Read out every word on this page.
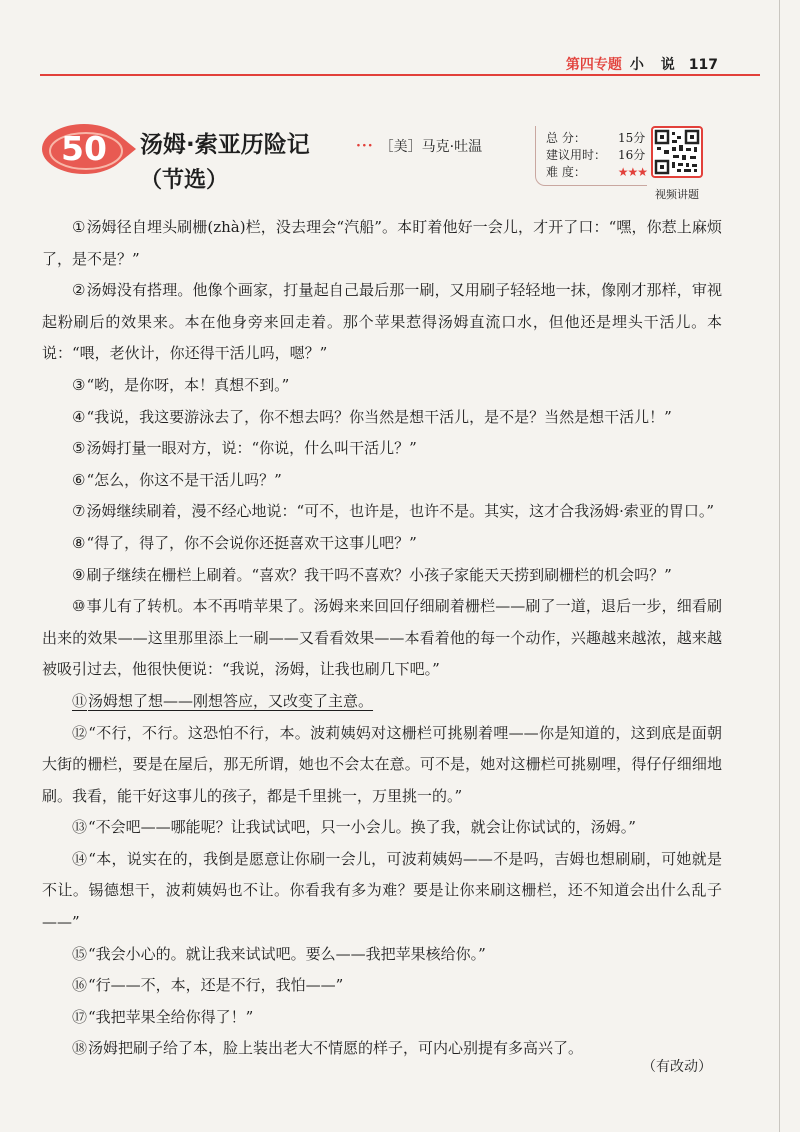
第四专题 小 说 117
50	汤姆·索亚历险记
（节选）
··· ［美］马克·吐温
总 分：	15分
建议用时： 16分
难 度：	★★★
视频讲题

①汤姆径自埋头刷栅(zhà)栏，没去理会“汽船”。本盯着他好一会儿，才开了口：“嘿，你惹上麻烦了，是不是？”

②汤姆没有搭理。他像个画家，打量起自己最后那一刷，又用刷子轻轻地一抹，像刚才那样，审视起粉刷后的效果来。本在他身旁来回走着。那个苹果惹得汤姆直流口水，但他还是埋头干活儿。本说：“喂，老伙计，你还得干活儿吗，嗯？”

③“哟，是你呀，本！真想不到。”

④“我说，我这要游泳去了，你不想去吗？你当然是想干活儿，是不是？当然是想干活儿！”

⑤汤姆打量一眼对方，说：“你说，什么叫干活儿？”

⑥“怎么，你这不是干活儿吗？”

⑦汤姆继续刷着，漫不经心地说：“可不，也许是，也许不是。其实，这才合我汤姆·索亚的胃口。”

⑧“得了，得了，你不会说你还挺喜欢干这事儿吧？”

⑨刷子继续在栅栏上刷着。“喜欢？我干吗不喜欢？小孩子家能天天捞到刷栅栏的机会吗？”

⑩事儿有了转机。本不再啃苹果了。汤姆来来回回仔细刷着栅栏——刷了一道，退后一步，细看刷出来的效果——这里那里添上一刷——又看看效果——本看着他的每一个动作，兴趣越来越浓，越来越被吸引过去，他很快便说：“我说，汤姆，让我也刷几下吧。”

⑪汤姆想了想——刚想答应，又改变了主意。

⑫“不行，不行。这恐怕不行，本。波莉姨妈对这栅栏可挑剔着哩——你是知道的，这到底是面朝大街的栅栏，要是在屋后，那无所谓，她也不会太在意。可不是，她对这栅栏可挑剔哩，得仔仔细细地刷。我看，能干好这事儿的孩子，都是千里挑一，万里挑一的。”

⑬“不会吧——哪能呢？让我试试吧，只一小会儿。换了我，就会让你试试的，汤姆。”

⑭“本，说实在的，我倒是愿意让你刷一会儿，可波莉姨妈——不是吗，吉姆也想刷刷，可她就是不让。锡德想干，波莉姨妈也不让。你看我有多为难？要是让你来刷这栅栏，还不知道会出什么乱子——”

⑮“我会小心的。就让我来试试吧。要么——我把苹果核给你。”

⑯“行——不，本，还是不行，我怕——”

⑰“我把苹果全给你得了！”

⑱汤姆把刷子给了本，脸上装出老大不情愿的样子，可内心别提有多高兴了。

（有改动）
